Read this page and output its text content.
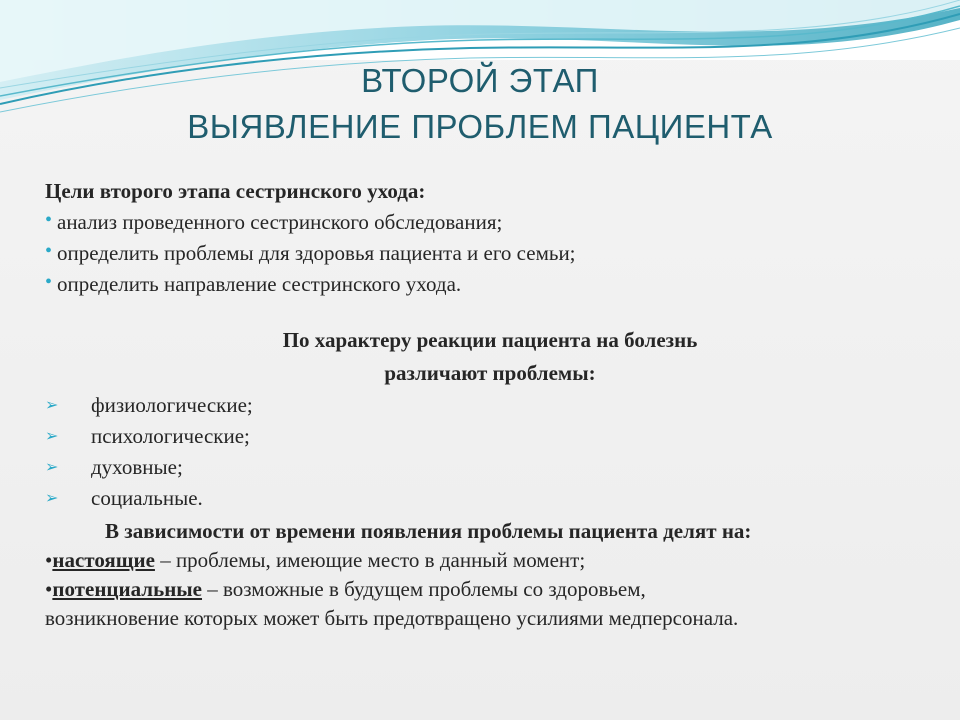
ВТОРОЙ ЭТАП
ВЫЯВЛЕНИЕ ПРОБЛЕМ ПАЦИЕНТА
Цели второго этапа сестринского ухода:
• анализ проведенного сестринского обследования;
• определить проблемы для здоровья пациента и его семьи;
• определить направление сестринского ухода.
По характеру реакции пациента на болезнь
различают проблемы:
➢ физиологические;
➢ психологические;
➢ духовные;
➢ социальные.
В зависимости от времени появления проблемы пациента делят на:
•настоящие – проблемы, имеющие место в данный момент;
•потенциальные – возможные в будущем проблемы со здоровьем,
возникновение которых может быть предотвращено усилиями медперсонала.
